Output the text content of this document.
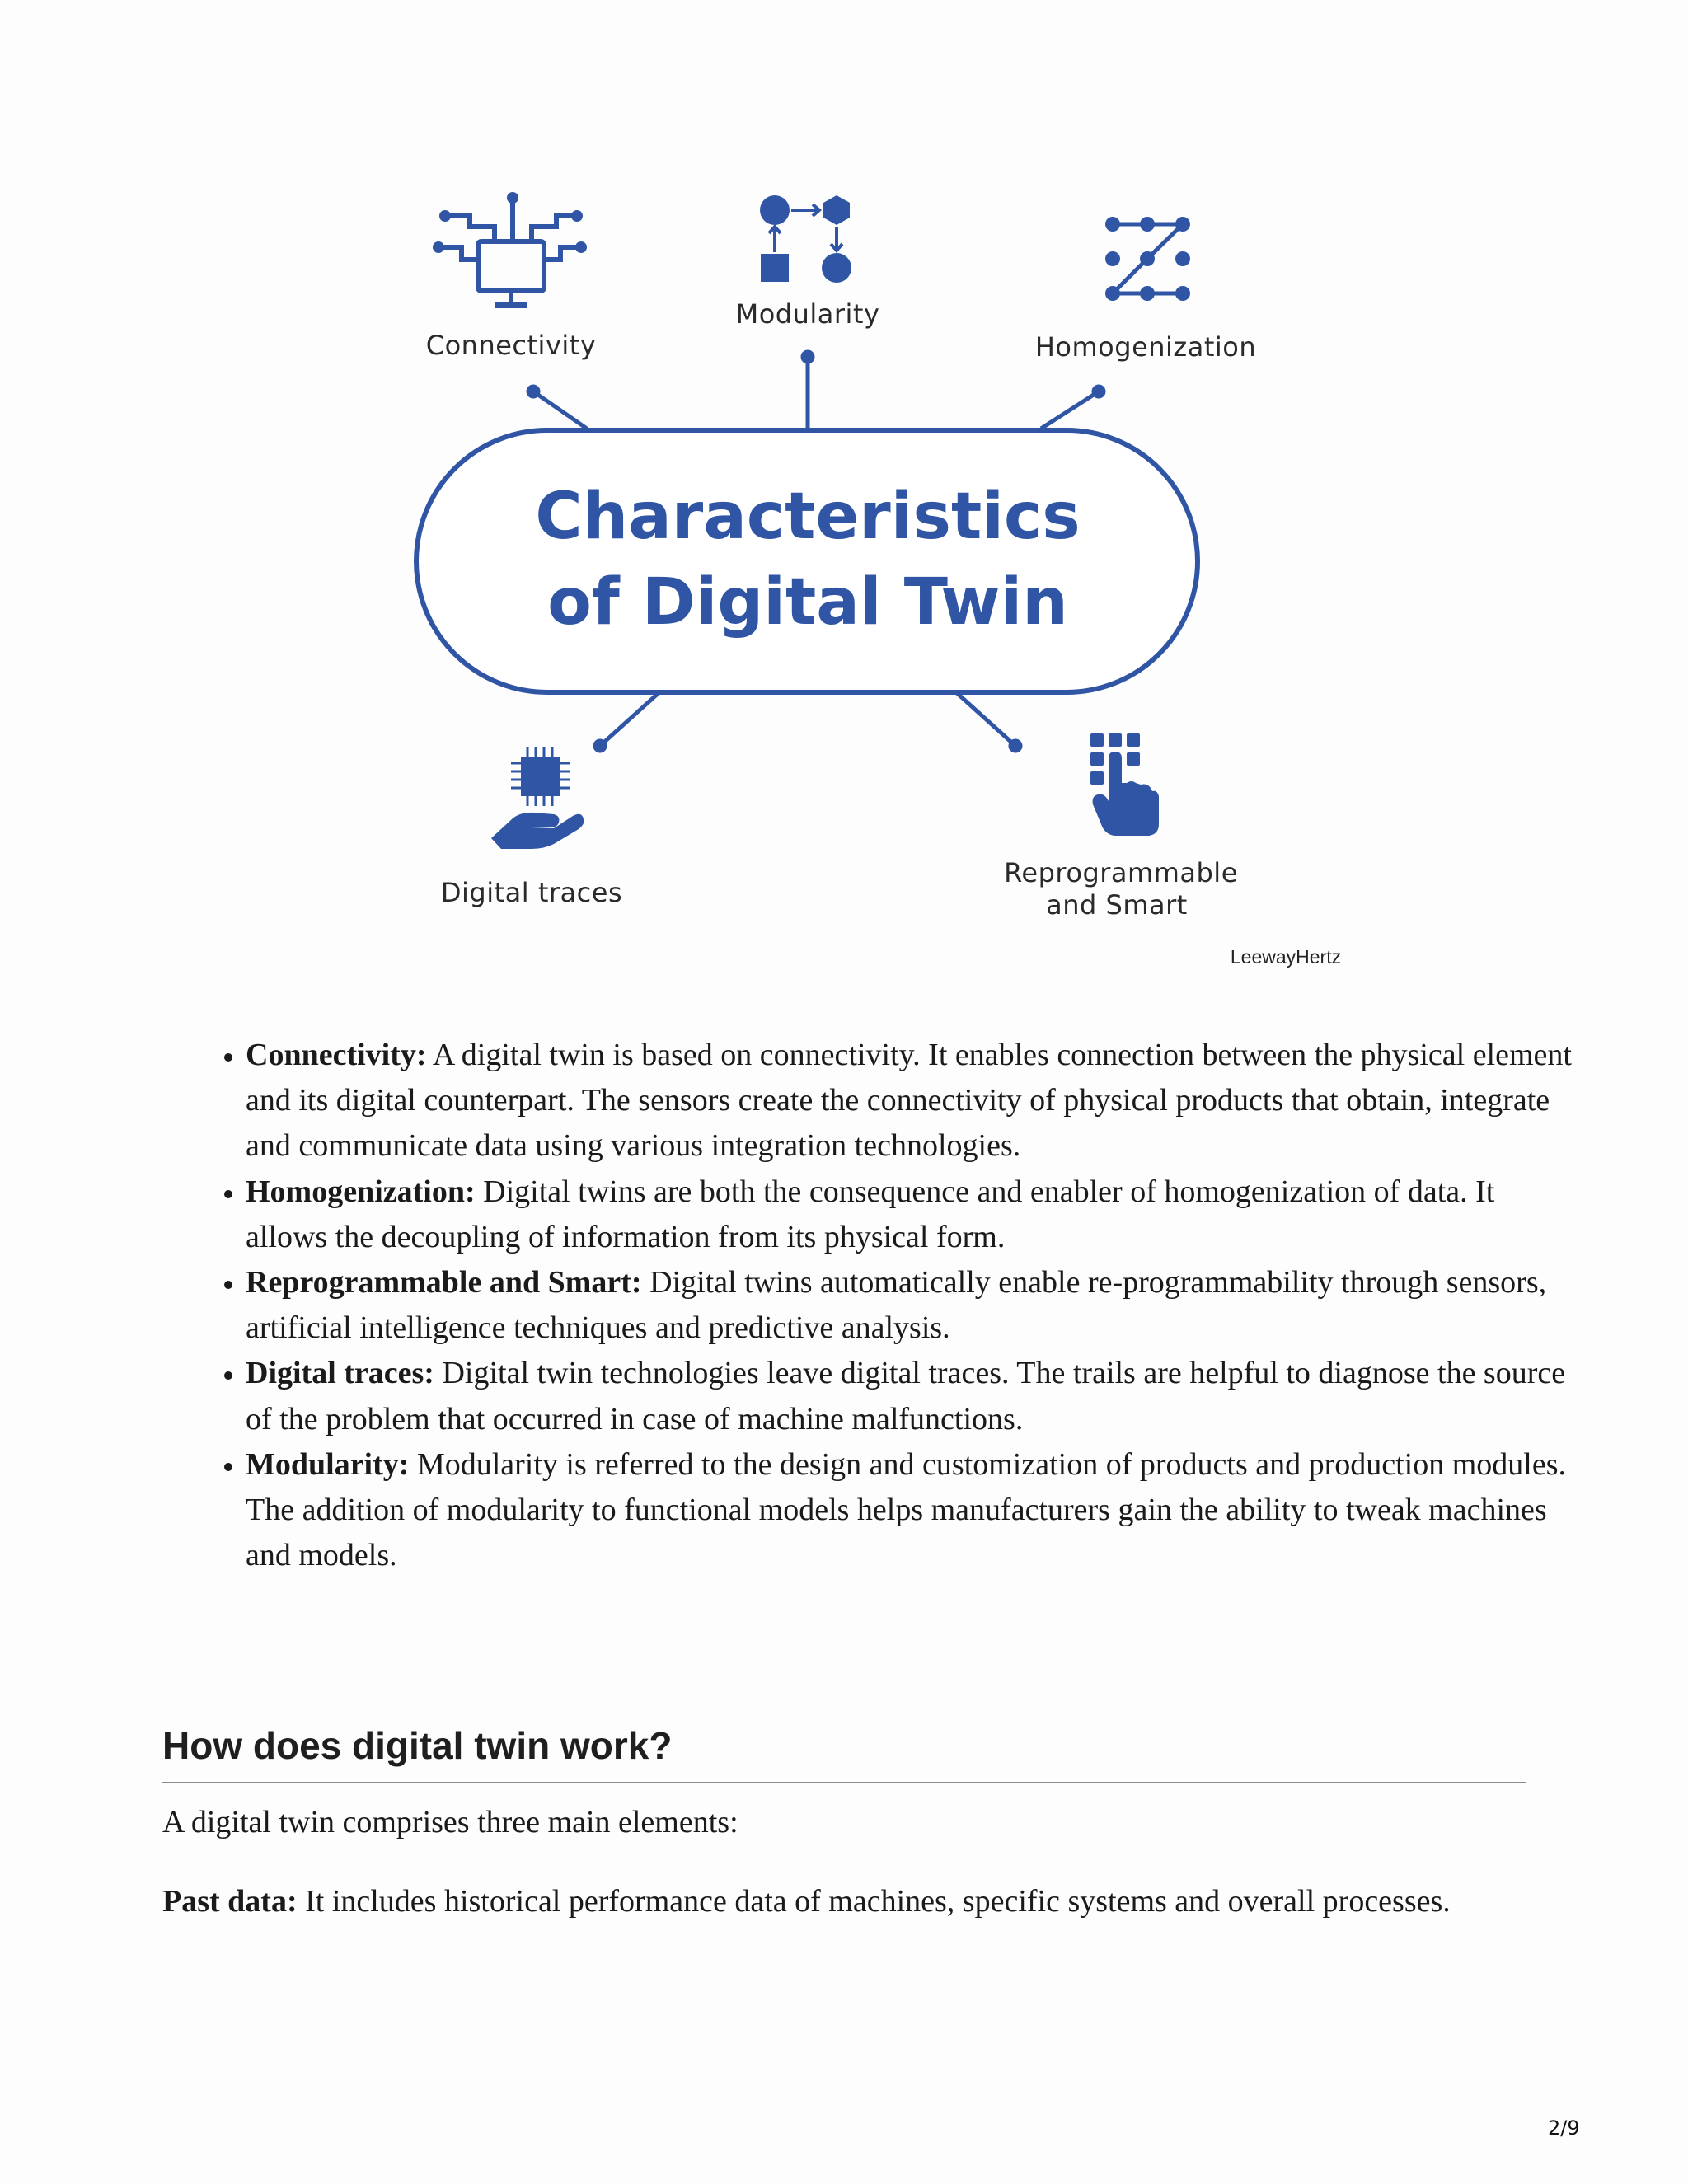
Connectivity
Modularity
Homogenization
Digital traces
Reprogrammable
and Smart
Characteristics
of Digital Twin
LeewayHertz
• Connectivity: A digital twin is based on connectivity. It enables connection between the physical element and its digital counterpart. The sensors create the connectivity of physical products that obtain, integrate and communicate data using various integration technologies.
• Homogenization: Digital twins are both the consequence and enabler of homogenization of data. It allows the decoupling of information from its physical form.
• Reprogrammable and Smart: Digital twins automatically enable re-programmability through sensors, artificial intelligence techniques and predictive analysis.
• Digital traces: Digital twin technologies leave digital traces. The trails are helpful to diagnose the source of the problem that occurred in case of machine malfunctions.
• Modularity: Modularity is referred to the design and customization of products and production modules. The addition of modularity to functional models helps manufacturers gain the ability to tweak machines and models.
How does digital twin work?

A digital twin comprises three main elements:

Past data: It includes historical performance data of machines, specific systems and overall processes.

2/9
